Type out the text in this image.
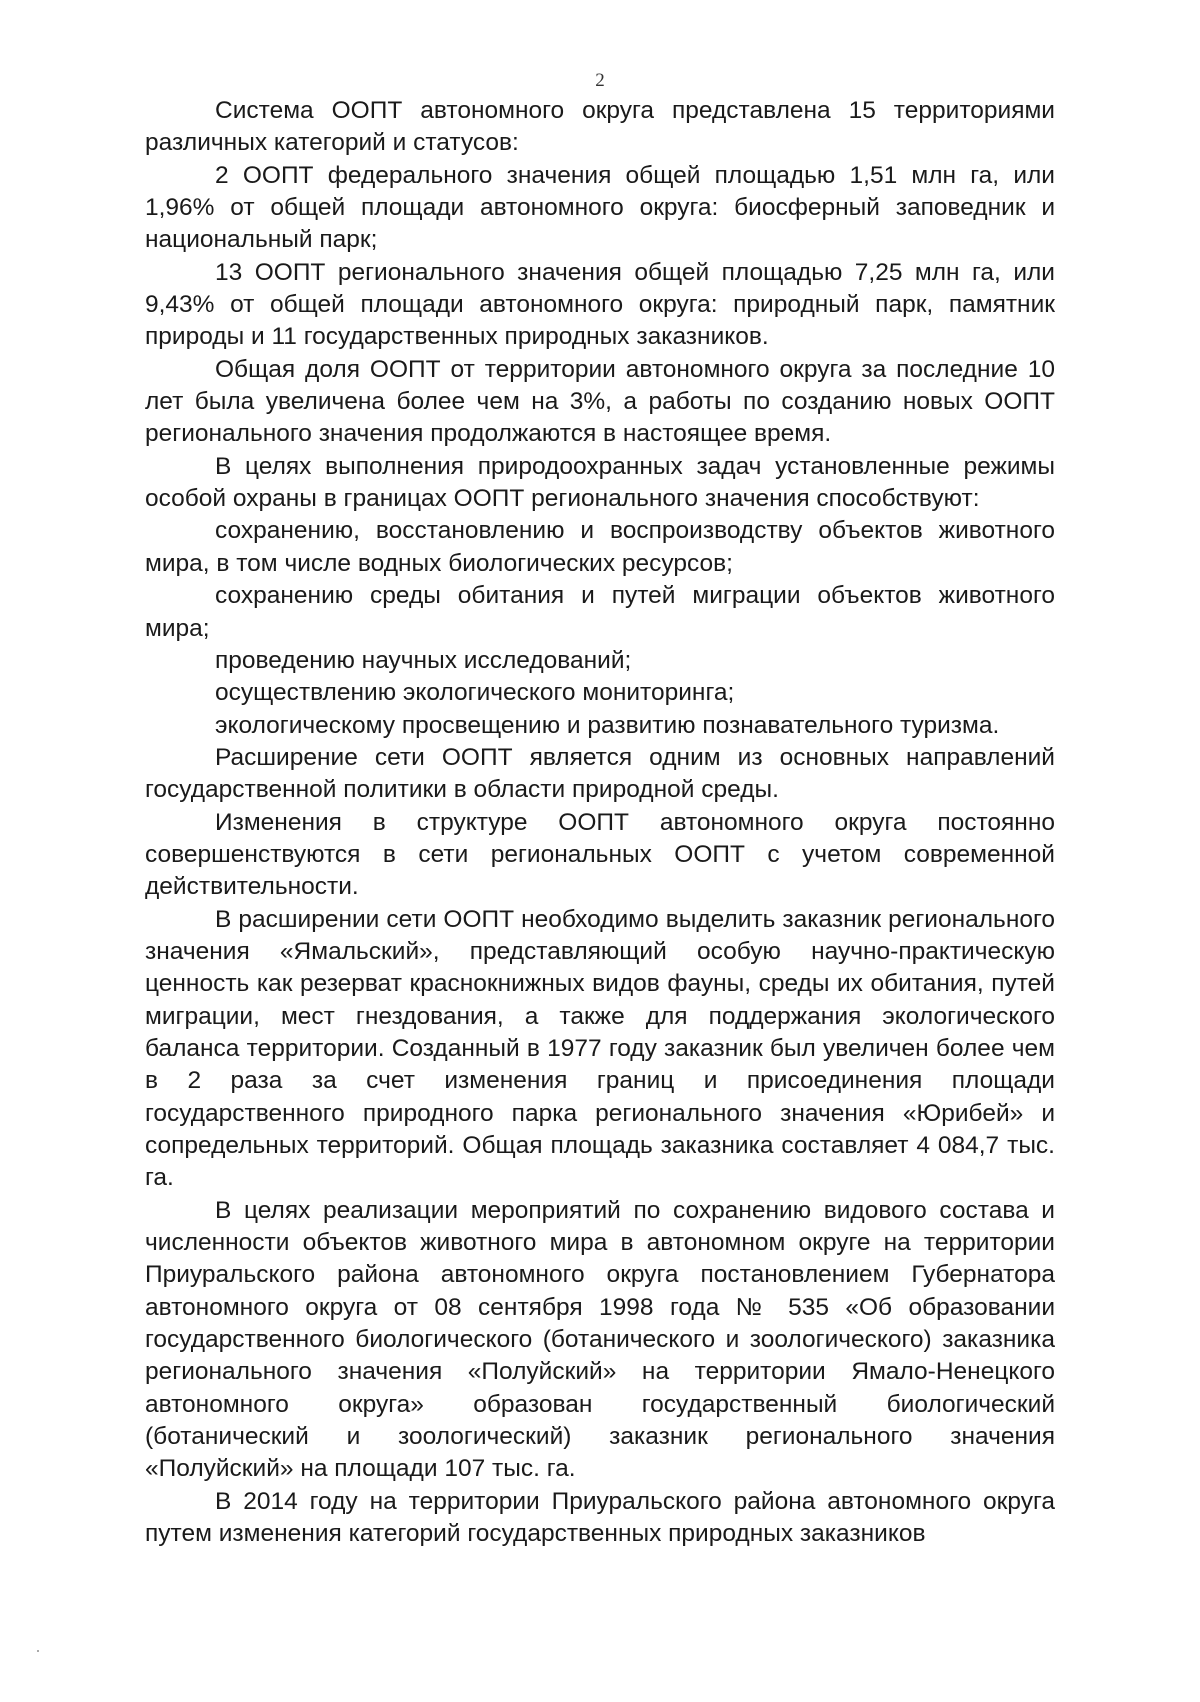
2

Система ООПТ автономного округа представлена 15 территориями различных категорий и статусов:

2 ООПТ федерального значения общей площадью 1,51 млн га, или 1,96% от общей площади автономного округа: биосферный заповедник и национальный парк;

13 ООПТ регионального значения общей площадью 7,25 млн га, или 9,43% от общей площади автономного округа: природный парк, памятник природы и 11 государственных природных заказников.

Общая доля ООПТ от территории автономного округа за последние 10 лет была увеличена более чем на 3%, а работы по созданию новых ООПТ регионального значения продолжаются в настоящее время.

В целях выполнения природоохранных задач установленные режимы особой охраны в границах ООПТ регионального значения способствуют:

сохранению, восстановлению и воспроизводству объектов животного мира, в том числе водных биологических ресурсов;

сохранению среды обитания и путей миграции объектов животного мира;

проведению научных исследований;

осуществлению экологического мониторинга;

экологическому просвещению и развитию познавательного туризма.

Расширение сети ООПТ является одним из основных направлений государственной политики в области природной среды.

Изменения в структуре ООПТ автономного округа постоянно совершенствуются в сети региональных ООПТ с учетом современной действительности.

В расширении сети ООПТ необходимо выделить заказник регионального значения «Ямальский», представляющий особую научно-практическую ценность как резерват краснокнижных видов фауны, среды их обитания, путей миграции, мест гнездования, а также для поддержания экологического баланса территории. Созданный в 1977 году заказник был увеличен более чем в 2 раза за счет изменения границ и присоединения площади государственного природного парка регионального значения «Юрибей» и сопредельных территорий. Общая площадь заказника составляет 4 084,7 тыс. га.

В целях реализации мероприятий по сохранению видового состава и численности объектов животного мира в автономном округе на территории Приуральского района автономного округа постановлением Губернатора автономного округа от 08 сентября 1998 года № 535 «Об образовании государственного биологического (ботанического и зоологического) заказника регионального значения «Полуйский» на территории Ямало-Ненецкого автономного округа» образован государственный биологический (ботанический и зоологический) заказник регионального значения «Полуйский» на площади 107 тыс. га.

В 2014 году на территории Приуральского района автономного округа путем изменения категорий государственных природных заказников
